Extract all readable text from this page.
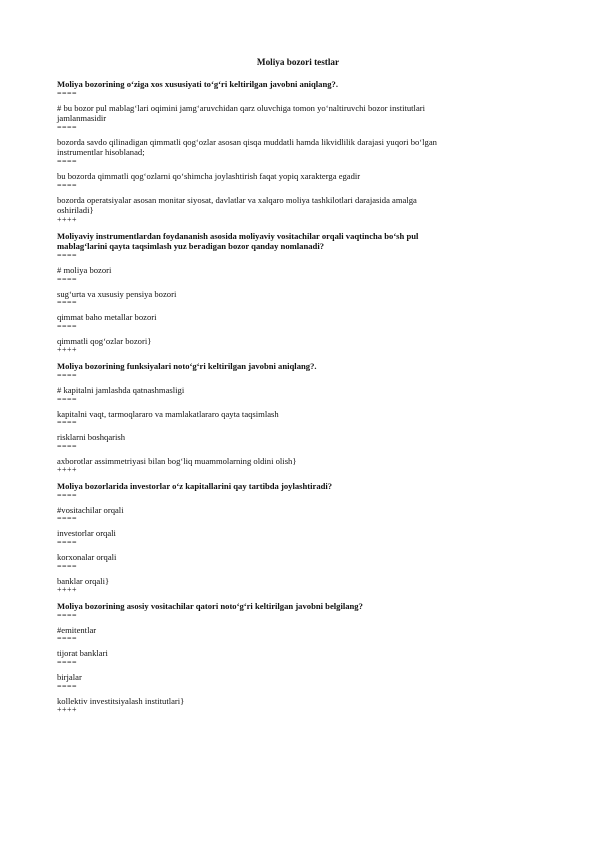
Moliya bozori testlar
Moliya bozorining o‘ziga xos xususiyati to‘g‘ri keltirilgan javobni aniqlang?.
====
# bu bozor pul mablag‘lari oqimini jamg‘aruvchidan qarz oluvchiga tomon yo‘naltiruvchi bozor institutlari
jamlanmasidir
====
bozorda savdo qilinadigan qimmatli qog‘ozlar asosan qisqa muddatli hamda likvidlilik darajasi yuqori bo‘lgan
instrumentlar hisoblanad;
====
bu bozorda qimmatli qog‘ozlarni qo‘shimcha joylashtirish faqat yopiq xarakterga egadir
====
bozorda operatsiyalar asosan monitar siyosat, davlatlar va xalqaro moliya tashkilotlari darajasida amalga
oshiriladi}
++++
Moliyaviy instrumentlardan foydananish asosida moliyaviy vositachilar orqali vaqtincha bo‘sh pul
mablag‘larini qayta taqsimlash yuz beradigan bozor qanday nomlanadi?
====
# moliya bozori
====
sug‘urta va xususiy pensiya bozori
====
qimmat baho metallar bozori
====
qimmatli qog‘ozlar bozori}
++++
Moliya bozorining funksiyalari noto‘g‘ri keltirilgan javobni aniqlang?.
====
# kapitalni jamlashda qatnashmasligi
====
kapitalni vaqt, tarmoqlararo va mamlakatlararo qayta taqsimlash
====
risklarni boshqarish
====
axborotlar assimmetriyasi bilan bog‘liq muammolarning oldini olish}
++++
Moliya bozorlarida investorlar o‘z kapitallarini qay tartibda joylashtiradi?
====
#vositachilar orqali
====
investorlar orqali
====
korxonalar orqali
====
banklar orqali}
++++
Moliya bozorining asosiy vositachilar qatori noto‘g‘ri keltirilgan javobni belgilang?
====
#emitentlar
====
tijorat banklari
====
birjalar
====
kollektiv investitsiyalash institutlari}
++++
